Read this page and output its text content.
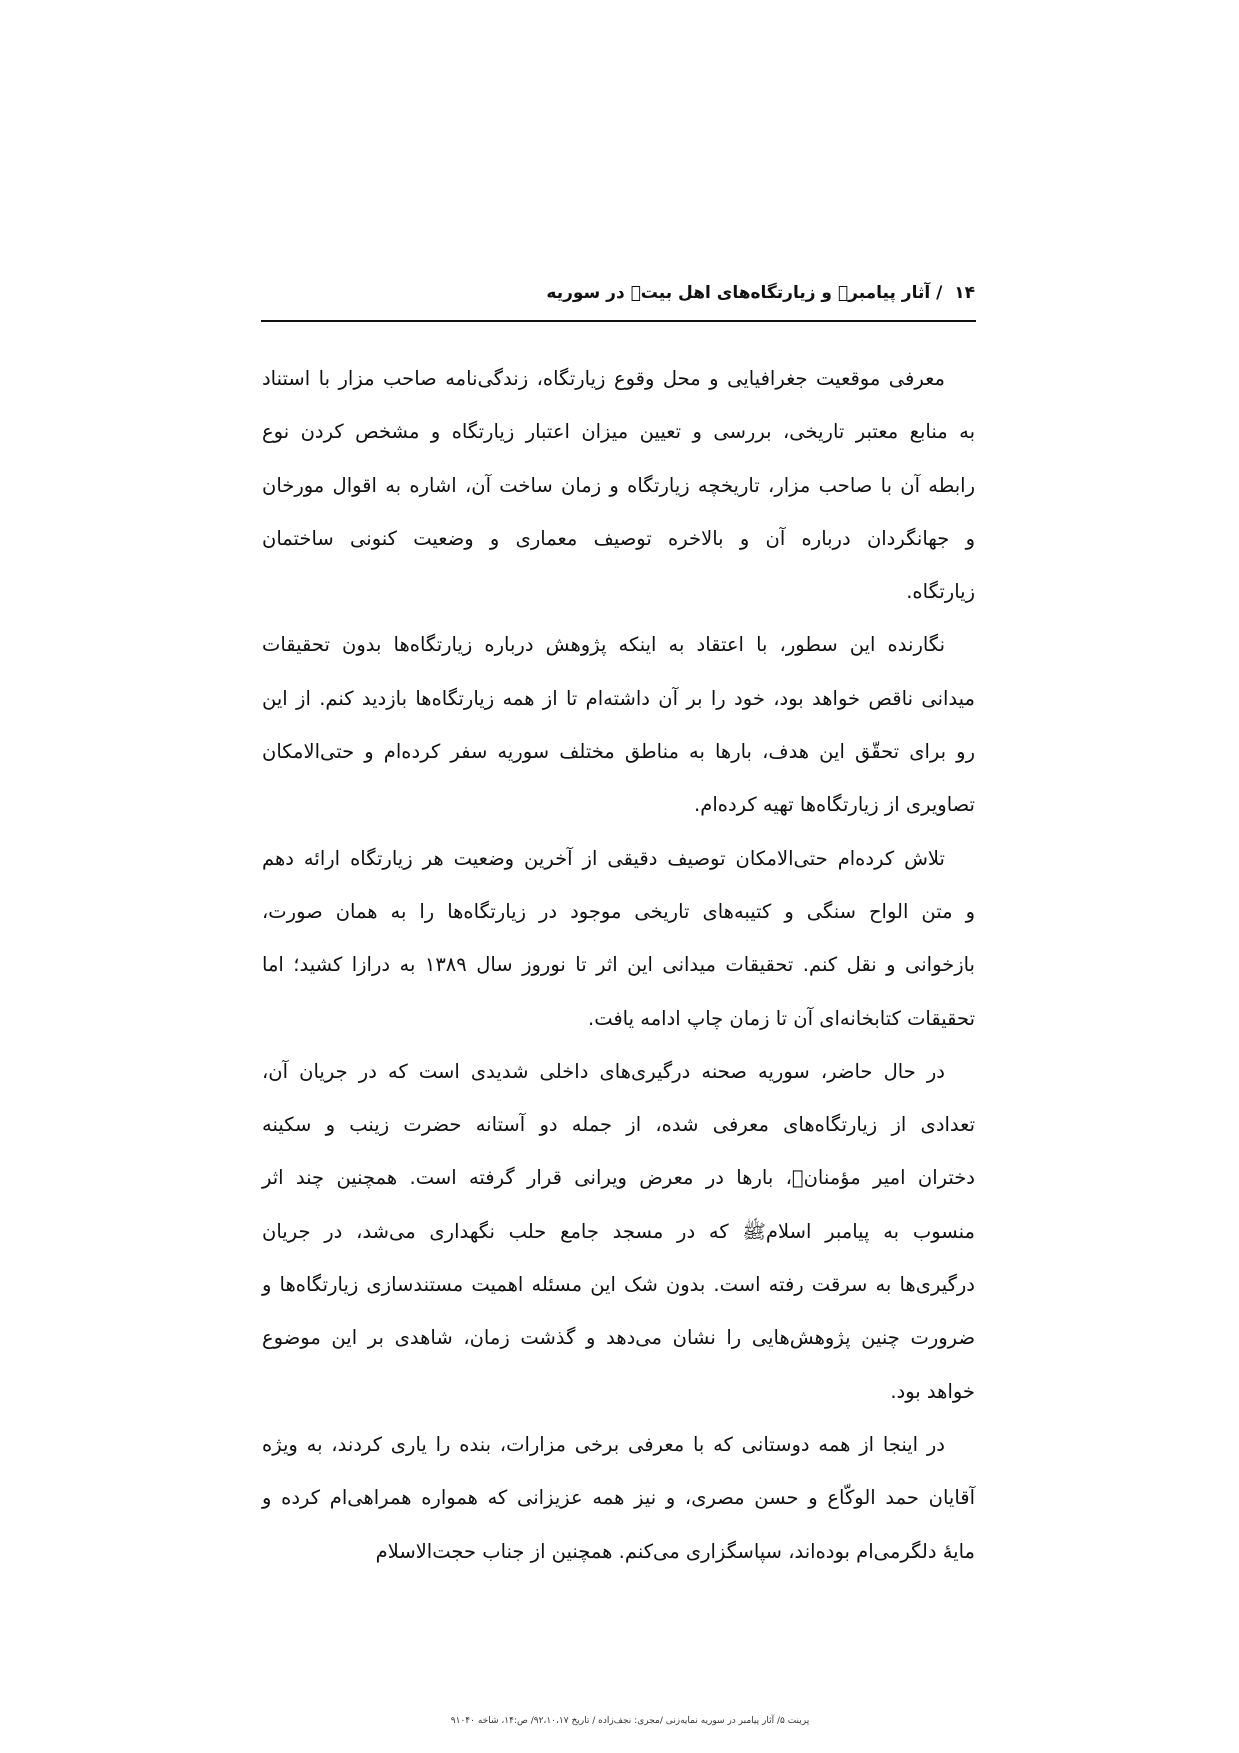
۱۴ / آثار پیامبرﷺ و زیارتگاه‌های اهل بیتؑ در سوریه
معرفی موقعیت جغرافیایی و محل وقوع زیارتگاه، زندگی‌نامه صاحب مزار با استناد
به منابع معتبر تاریخی، بررسی و تعیین میزان اعتبار زیارتگاه و مشخص کردن نوع
رابطه آن با صاحب مزار، تاریخچه زیارتگاه و زمان ساخت آن، اشاره به اقوال مورخان
و جهانگردان درباره آن و بالاخره توصیف معماری و وضعیت کنونی ساختمان
زیارتگاه.
نگارنده این سطور، با اعتقاد به اینکه پژوهش درباره زیارتگاه‌ها بدون تحقیقات
میدانی ناقص خواهد بود، خود را بر آن داشته‌ام تا از همه زیارتگاه‌ها بازدید کنم. از این
رو برای تحقّق این هدف، بارها به مناطق مختلف سوریه سفر کرده‌ام و حتی‌الامکان
تصاویری از زیارتگاه‌ها تهیه کرده‌ام.
تلاش کرده‌ام حتی‌الامکان توصیف دقیقی از آخرین وضعیت هر زیارتگاه ارائه دهم
و متن الواح سنگی و کتیبه‌های تاریخی موجود در زیارتگاه‌ها را به همان صورت،
بازخوانی و نقل کنم. تحقیقات میدانی این اثر تا نوروز سال ۱۳۸۹ به درازا کشید؛ اما
تحقیقات کتابخانه‌ای آن تا زمان چاپ ادامه یافت.
در حال حاضر، سوریه صحنه درگیری‌های داخلی شدیدی است که در جریان آن،
تعدادی از زیارتگاه‌های معرفی شده، از جمله دو آستانه حضرت زینب و سکینه
دختران امیر مؤمنانؑ، بارها در معرض ویرانی قرار گرفته است. همچنین چند اثر
منسوب به پیامبر اسلامﷺ که در مسجد جامع حلب نگهداری می‌شد، در جریان
درگیری‌ها به سرقت رفته است. بدون شک این مسئله اهمیت مستندسازی زیارتگاه‌ها و
ضرورت چنین پژوهش‌هایی را نشان می‌دهد و گذشت زمان، شاهدی بر این موضوع
خواهد بود.
در اینجا از همه دوستانی که با معرفی برخی مزارات، بنده را یاری کردند، به ویژه
آقایان حمد الوکّاع و حسن مصری، و نیز همه عزیزانی که همواره همراهی‌ام کرده و
مایهٔ دلگرمی‌ام بوده‌اند، سپاسگزاری می‌کنم. همچنین از جناب حجت‌الاسلام
پرینت ۵/ آثار پیامبر در سوریه نمایه‌زنی /مجری: نجف‌زاده / تاریخ ۹۲،۱۰،۱۷/ ص:۱۴، شاخه ۹۱۰۴۰
